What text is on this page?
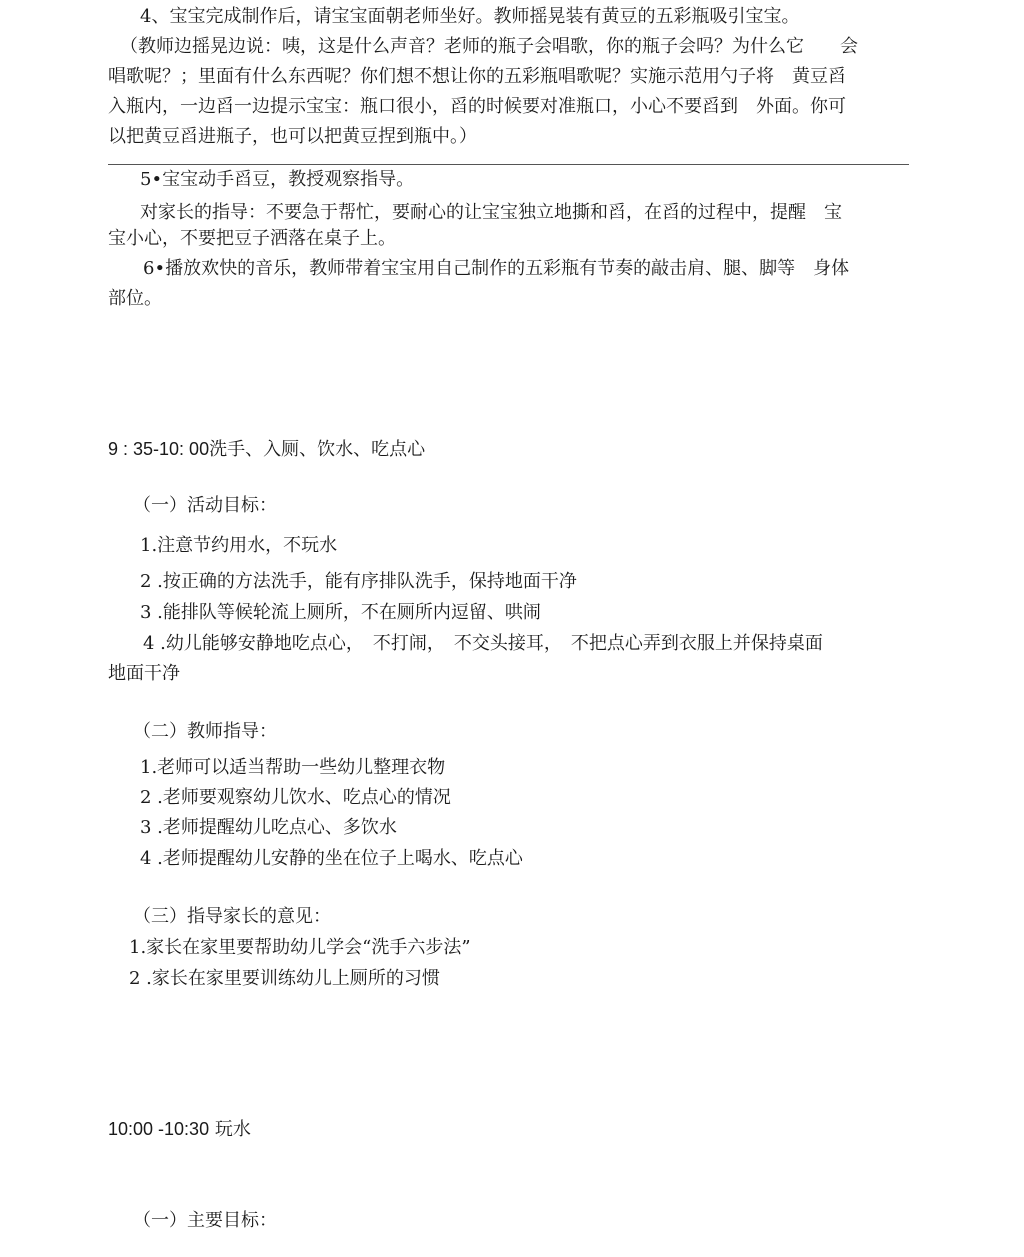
4、宝宝完成制作后，请宝宝面朝老师坐好。教师摇晃装有黄豆的五彩瓶吸引宝宝。

（教师边摇晃边说：咦，这是什么声音？老师的瓶子会唱歌，你的瓶子会吗？为什么它　　会

唱歌呢？；里面有什么东西呢？你们想不想让你的五彩瓶唱歌呢？实施示范用勺子将　黄豆舀

入瓶内，一边舀一边提示宝宝：瓶口很小，舀的时候要对准瓶口，小心不要舀到　外面。你可

以把黄豆舀进瓶子，也可以把黄豆捏到瓶中。）

5•宝宝动手舀豆，教授观察指导。

对家长的指导：不要急于帮忙，要耐心的让宝宝独立地撕和舀，在舀的过程中，提醒　宝

宝小心，不要把豆子洒落在桌子上。

6•播放欢快的音乐，教师带着宝宝用自己制作的五彩瓶有节奏的敲击肩、腿、脚等　身体

部位。

9 : 35-10: 00洗手、入厕、饮水、吃点心

（一）活动目标：

1.注意节约用水，不玩水

2 .按正确的方法洗手，能有序排队洗手，保持地面干净

3 .能排队等候轮流上厕所，不在厕所内逗留、哄闹

4 .幼儿能够安静地吃点心，　不打闹，　不交头接耳，　不把点心弄到衣服上并保持桌面

地面干净

（二）教师指导：

1.老师可以适当帮助一些幼儿整理衣物

2 .老师要观察幼儿饮水、吃点心的情况

3 .老师提醒幼儿吃点心、多饮水

4 .老师提醒幼儿安静的坐在位子上喝水、吃点心

（三）指导家长的意见：

1.家长在家里要帮助幼儿学会“洗手六步法”

2 .家长在家里要训练幼儿上厕所的习惯

10:00 -10:30 玩水

（一）主要目标：
